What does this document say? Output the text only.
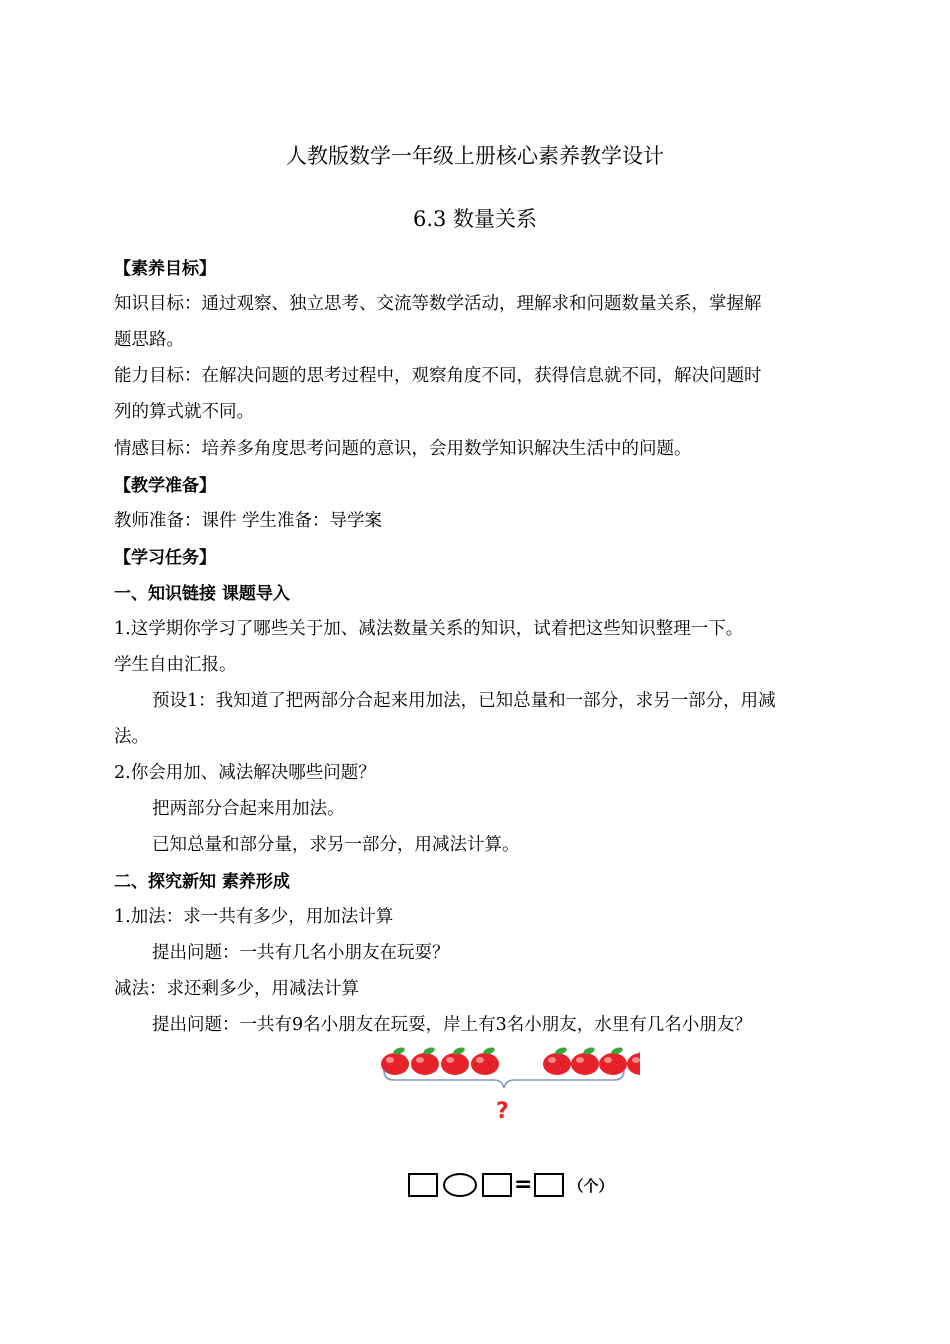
人教版数学一年级上册核心素养教学设计
6.3 数量关系
【素养目标】
知识目标：通过观察、独立思考、交流等数学活动，理解求和问题数量关系，掌握解
题思路。
能力目标：在解决问题的思考过程中，观察角度不同，获得信息就不同，解决问题时
列的算式就不同。
情感目标：培养多角度思考问题的意识，会用数学知识解决生活中的问题。
【教学准备】
教师准备：课件 学生准备：导学案
【学习任务】
一、知识链接 课题导入
1.这学期你学习了哪些关于加、减法数量关系的知识，试着把这些知识整理一下。
学生自由汇报。
预设1：我知道了把两部分合起来用加法，已知总量和一部分，求另一部分，用减
法。
2.你会用加、减法解决哪些问题？
把两部分合起来用加法。
已知总量和部分量，求另一部分，用减法计算。
二、探究新知 素养形成
1.加法：求一共有多少，用加法计算
提出问题：一共有几名小朋友在玩耍？
减法：求还剩多少，用减法计算
提出问题：一共有9名小朋友在玩耍，岸上有3名小朋友，水里有几名小朋友？
?
= （个）
